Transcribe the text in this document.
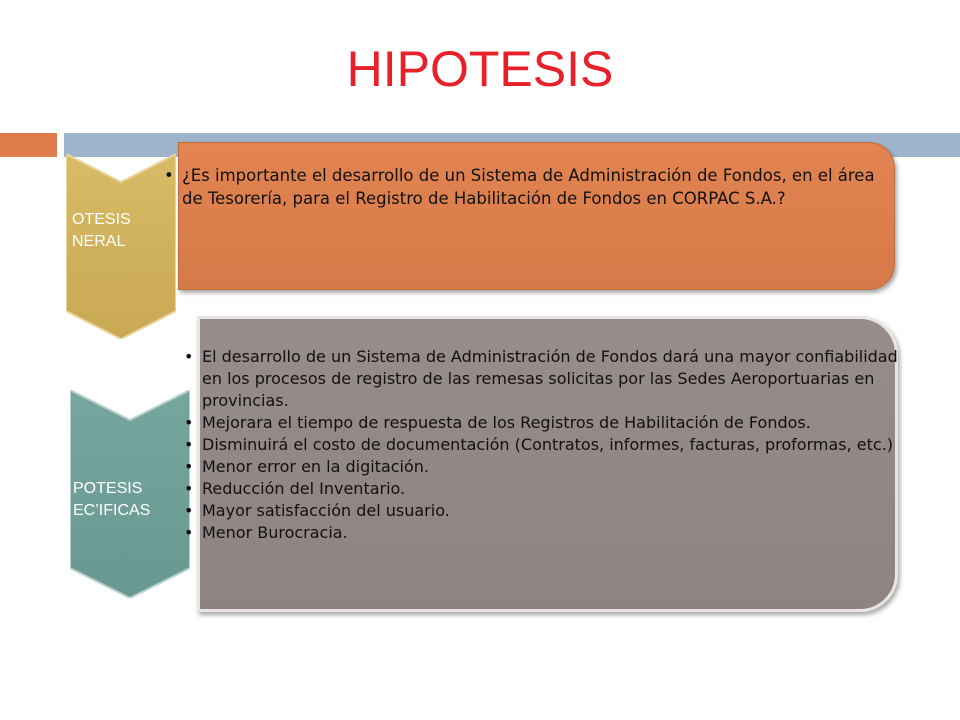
HIPOTESIS
OTESIS
NERAL
POTESIS
EC’IFICAS
• ¿Es importante el desarrollo de un Sistema de Administración de Fondos, en el área de Tesorería, para el Registro de Habilitación de Fondos en CORPAC S.A.?
• El desarrollo de un Sistema de Administración de Fondos dará una mayor confiabilidad en los procesos de registro de las remesas solicitas por las Sedes Aeroportuarias en provincias.
• Mejorara el tiempo de respuesta de los Registros de Habilitación de Fondos.
• Disminuirá el costo de documentación (Contratos, informes, facturas, proformas, etc.)
• Menor error en la digitación.
• Reducción del Inventario.
• Mayor satisfacción del usuario.
• Menor Burocracia.
